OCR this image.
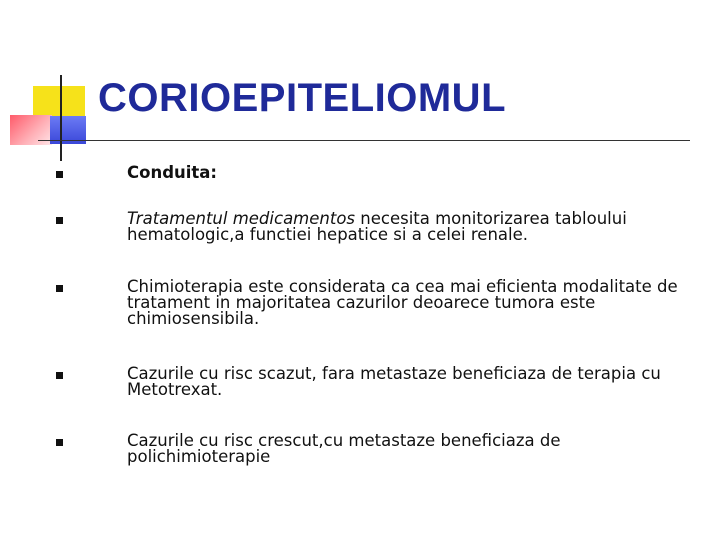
CORIOEPITELIOMUL
Conduita:
Tratamentul medicamentos necesita monitorizarea tabloului hematologic,a functiei hepatice si a celei renale.
Chimioterapia este considerata ca cea mai eficienta modalitate de tratament in majoritatea cazurilor deoarece tumora este chimiosensibila.
Cazurile cu risc scazut, fara metastaze beneficiaza de terapia cu Metotrexat.
Cazurile cu risc crescut,cu metastaze beneficiaza de polichimioterapie
